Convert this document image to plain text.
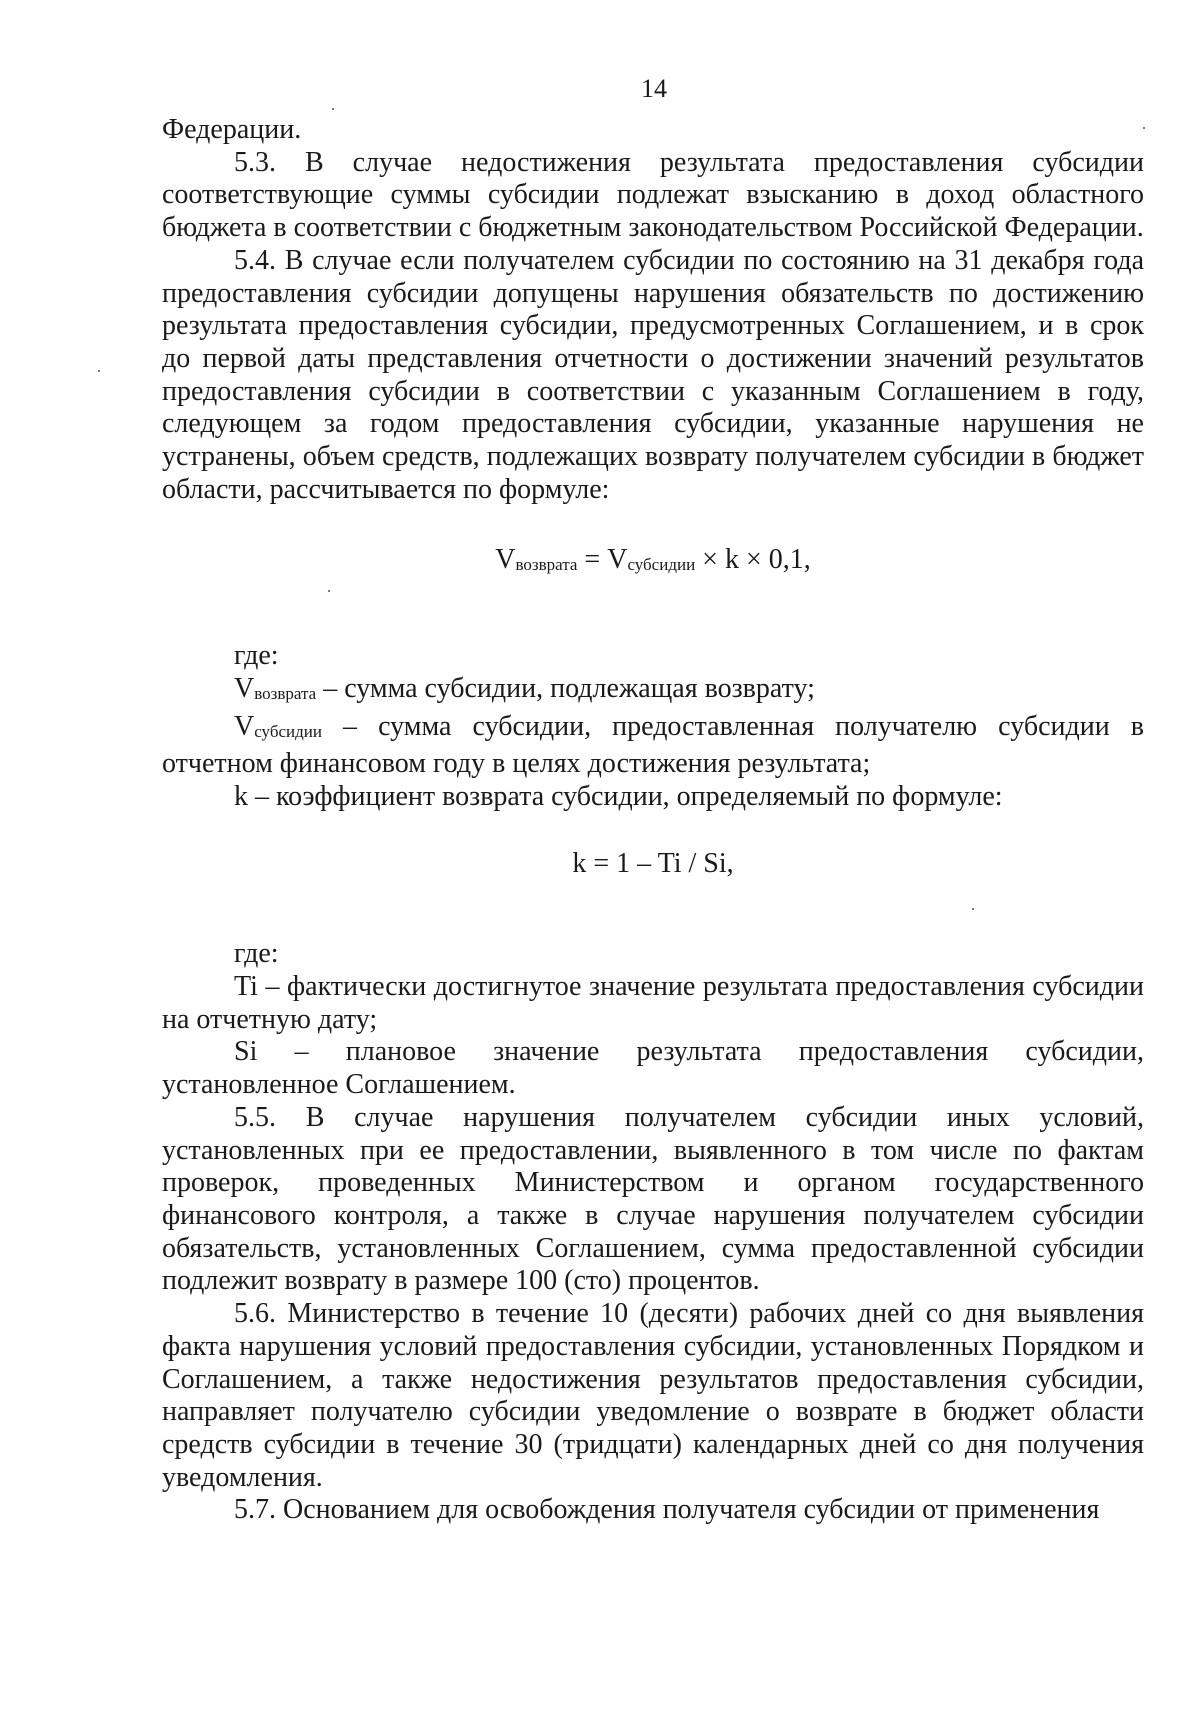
14

Федерации.

5.3. В случае недостижения результата предоставления субсидии соответствующие суммы субсидии подлежат взысканию в доход областного бюджета в соответствии с бюджетным законодательством Российской Федерации.

5.4. В случае если получателем субсидии по состоянию на 31 декабря года предоставления субсидии допущены нарушения обязательств по достижению результата предоставления субсидии, предусмотренных Соглашением, и в срок до первой даты представления отчетности о достижении значений результатов предоставления субсидии в соответствии с указанным Соглашением в году, следующем за годом предоставления субсидии, указанные нарушения не устранены, объем средств, подлежащих возврату получателем субсидии в бюджет области, рассчитывается по формуле:

Vвозврата = Vсубсидии × k × 0,1,

где:

Vвозврата – сумма субсидии, подлежащая возврату;

Vсубсидии – сумма субсидии, предоставленная получателю субсидии в отчетном финансовом году в целях достижения результата;

k – коэффициент возврата субсидии, определяемый по формуле:

k = 1 – Ti / Si,

где:

Ti – фактически достигнутое значение результата предоставления субсидии на отчетную дату;

Si – плановое значение результата предоставления субсидии, установленное Соглашением.

5.5. В случае нарушения получателем субсидии иных условий, установленных при ее предоставлении, выявленного в том числе по фактам проверок, проведенных Министерством и органом государственного финансового контроля, а также в случае нарушения получателем субсидии обязательств, установленных Соглашением, сумма предоставленной субсидии подлежит возврату в размере 100 (сто) процентов.

5.6. Министерство в течение 10 (десяти) рабочих дней со дня выявления факта нарушения условий предоставления субсидии, установленных Порядком и Соглашением, а также недостижения результатов предоставления субсидии, направляет получателю субсидии уведомление о возврате в бюджет области средств субсидии в течение 30 (тридцати) календарных дней со дня получения уведомления.

5.7. Основанием для освобождения получателя субсидии от применения
